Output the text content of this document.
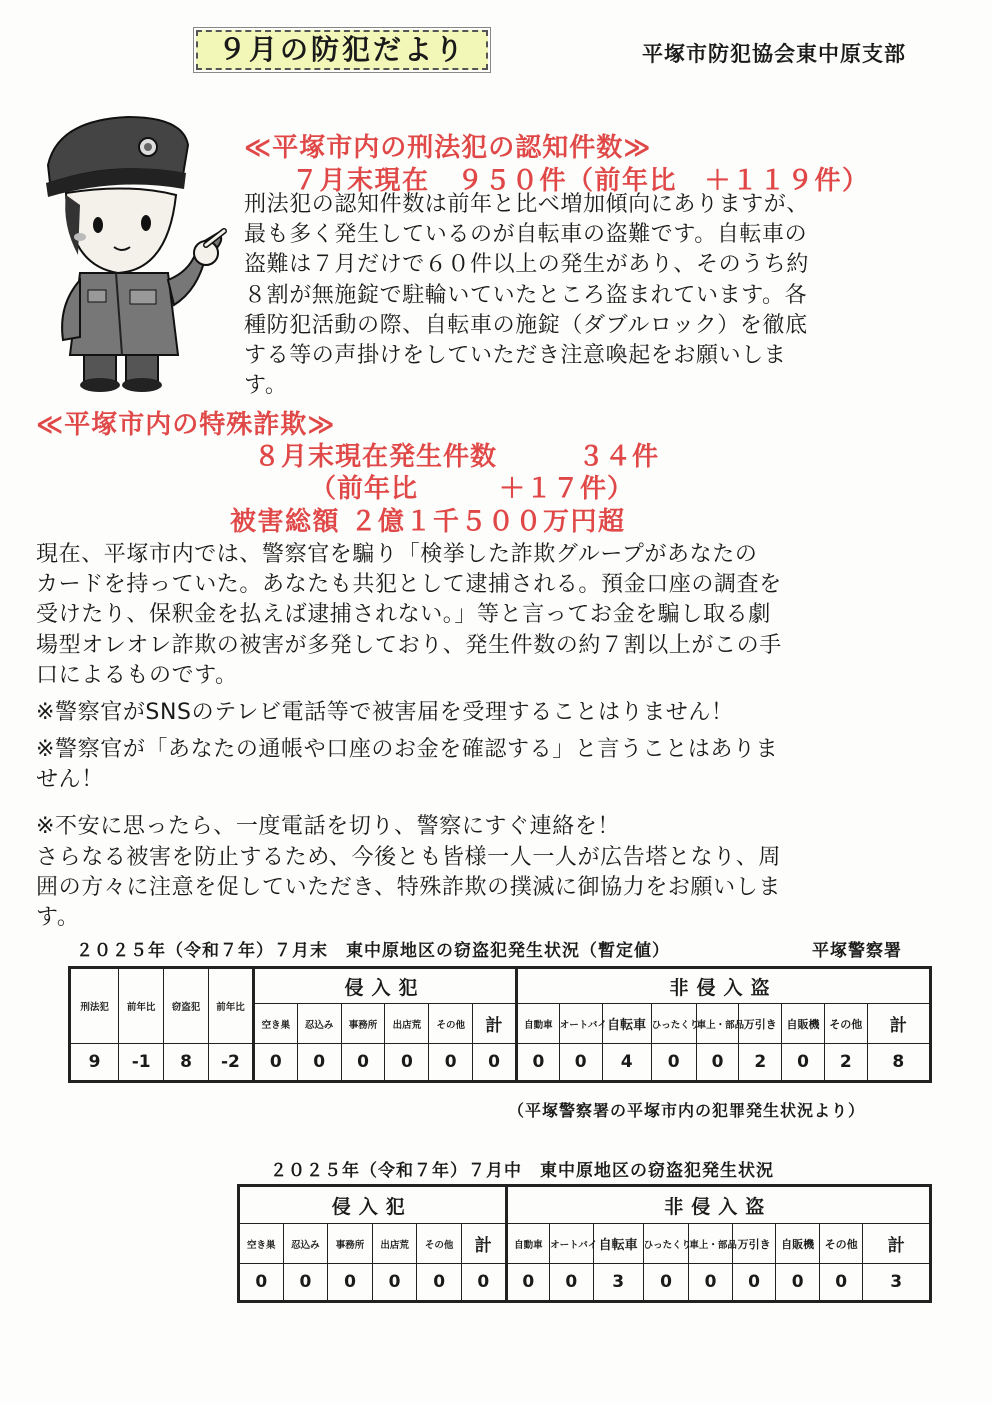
９月の防犯だより	平塚市防犯協会東中原支部
≪平塚市内の刑法犯の認知件数≫
７月末現在　９５０件（前年比　＋１１９件）
刑法犯の認知件数は前年と比べ増加傾向にありますが、
最も多く発生しているのが自転車の盗難です。自転車の
盗難は７月だけで６０件以上の発生があり、そのうち約
８割が無施錠で駐輪いていたところ盗まれています。各
種防犯活動の際、自転車の施錠（ダブルロック）を徹底
する等の声掛けをしていただき注意喚起をお願いしま
す。
≪平塚市内の特殊詐欺≫
８月末現在発生件数　　　３４件
（前年比　　　＋１７件）
被害総額 ２億１千５００万円超
現在、平塚市内では、警察官を騙り「検挙した詐欺グループがあなたの
カードを持っていた。あなたも共犯として逮捕される。預金口座の調査を
受けたり、保釈金を払えば逮捕されない。」等と言ってお金を騙し取る劇
場型オレオレ詐欺の被害が多発しており、発生件数の約７割以上がこの手
口によるものです。
※警察官がSNSのテレビ電話等で被害届を受理することはりません！
※警察官が「あなたの通帳や口座のお金を確認する」と言うことはありま
せん！
※不安に思ったら、一度電話を切り、警察にすぐ連絡を！
さらなる被害を防止するため、今後とも皆様一人一人が広告塔となり、周
囲の方々に注意を促していただき、特殊詐欺の撲滅に御協力をお願いしま
す。
２０２５年（令和７年）７月末　東中原地区の窃盗犯発生状況（暫定値）	平塚警察署
刑法犯	前年比	窃盗犯	前年比	侵入犯						非侵入盗								
				空き巣	忍込み	事務所	出店荒	その他	計	自動車	オートバイ	自転車	ひったくり	車上・部品	万引き	自販機	その他	計
9	-1	8	-2	0	0	0	0	0	0	0	0	4	0	0	2	0	2	8
（平塚警察署の平塚市内の犯罪発生状況より）
２０２５年（令和７年）７月中　東中原地区の窃盗犯発生状況
侵入犯						非侵入盗								
空き巣	忍込み	事務所	出店荒	その他	計	自動車	オートバイ	自転車	ひったくり	車上・部品	万引き	自販機	その他	計
0	0	0	0	0	0	0	0	3	0	0	0	0	0	3
